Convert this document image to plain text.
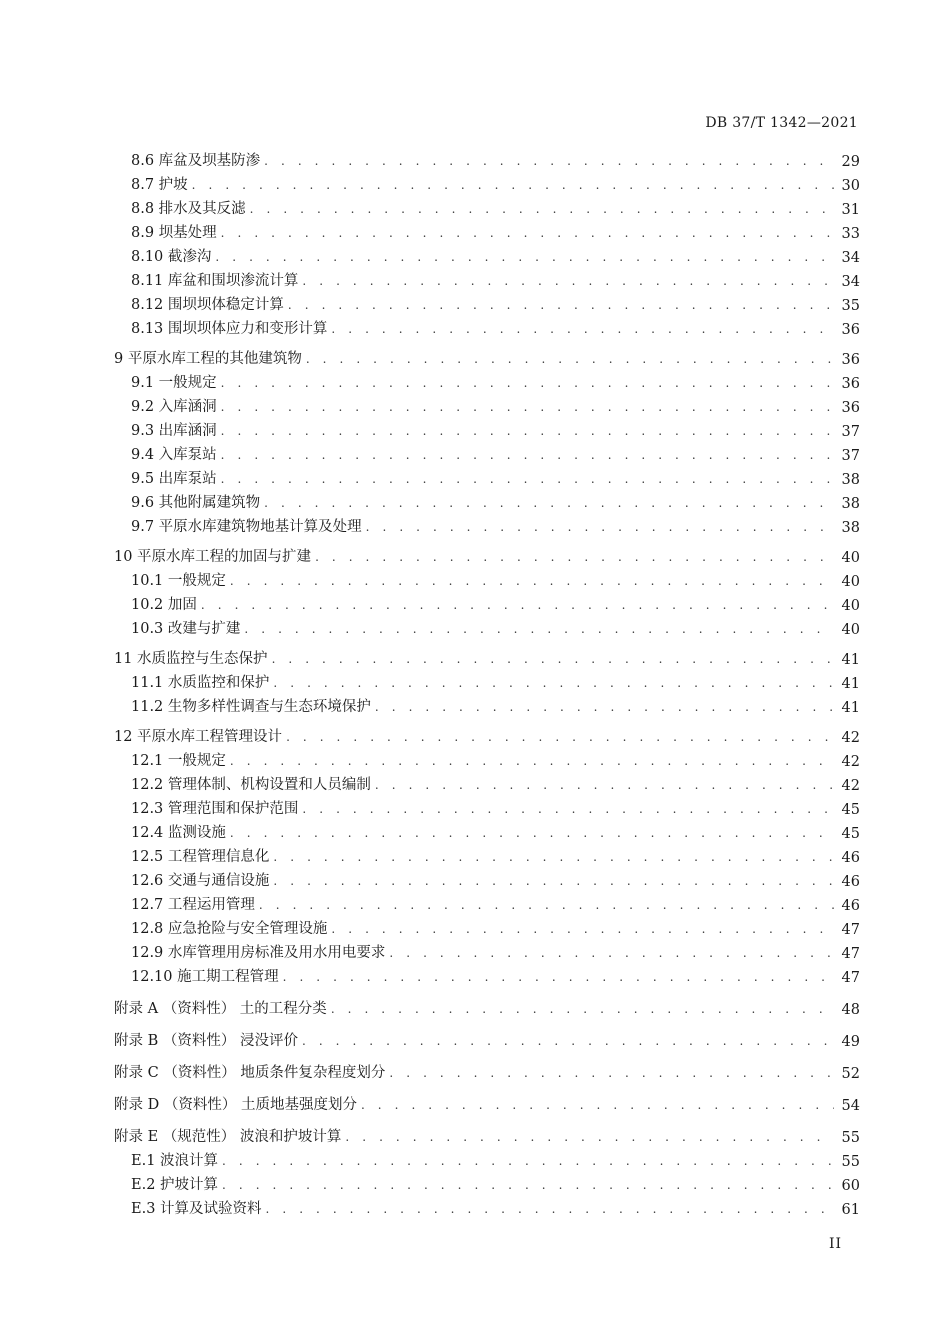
DB 37/T 1342—2021
8.6 库盆及坝基防渗 . . .	29
8.7 护坡 . . .	30
8.8 排水及其反滤 . . .	31
8.9 坝基处理 . . .	33
8.10 截渗沟 . . .	34
8.11 库盆和围坝渗流计算 . . .	34
8.12 围坝坝体稳定计算 . . .	35
8.13 围坝坝体应力和变形计算 . . .	36
9 平原水库工程的其他建筑物 . . .	36
9.1 一般规定 . . .	36
9.2 入库涵洞 . . .	36
9.3 出库涵洞 . . .	37
9.4 入库泵站 . . .	37
9.5 出库泵站 . . .	38
9.6 其他附属建筑物 . . .	38
9.7 平原水库建筑物地基计算及处理 . . .	38
10 平原水库工程的加固与扩建 . . .	40
10.1 一般规定 . . .	40
10.2 加固 . . .	40
10.3 改建与扩建 . . .	40
11 水质监控与生态保护 . . .	41
11.1 水质监控和保护 . . .	41
11.2 生物多样性调查与生态环境保护 . . .	41
12 平原水库工程管理设计 . . .	42
12.1 一般规定 . . .	42
12.2 管理体制、机构设置和人员编制 . . .	42
12.3 管理范围和保护范围 . . .	45
12.4 监测设施 . . .	45
12.5 工程管理信息化 . . .	46
12.6 交通与通信设施 . . .	46
12.7 工程运用管理 . . .	46
12.8 应急抢险与安全管理设施 . . .	47
12.9 水库管理用房标准及用水用电要求 . . .	47
12.10 施工期工程管理 . . .	47
附录 A （资料性） 土的工程分类 . . .	48
附录 B （资料性） 浸没评价 . . .	49
附录 C （资料性） 地质条件复杂程度划分 . . .	52
附录 D （资料性） 土质地基强度划分 . . .	54
附录 E （规范性） 波浪和护坡计算 . . .	55
E.1 波浪计算 . . .	55
E.2 护坡计算 . . .	60
E.3 计算及试验资料 . . .	61
II
